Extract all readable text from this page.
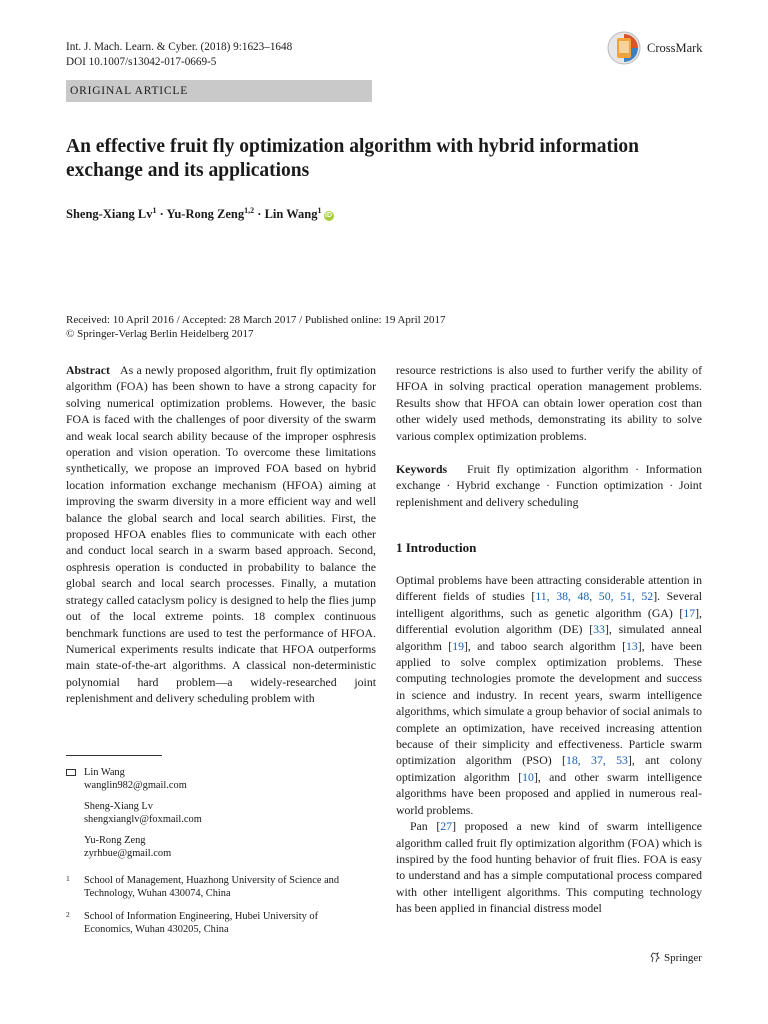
Int. J. Mach. Learn. & Cyber. (2018) 9:1623–1648
DOI 10.1007/s13042-017-0669-5
CrossMark
ORIGINAL ARTICLE
An effective fruit fly optimization algorithm with hybrid information exchange and its applications
Sheng-Xiang $Lv^1$ · Yu-Rong Zeng$^{1,2}$ · Lin Wang$^1$iD
Received: 10 April 2016 / Accepted: 28 March 2017 / Published online: 19 April 2017
© Springer-Verlag Berlin Heidelberg 2017

Abstract As a newly proposed algorithm, fruit fly optimization algorithm (FOA) has been shown to have a strong capacity for solving numerical optimization problems. However, the basic FOA is faced with the challenges of poor diversity of the swarm and weak local search ability because of the improper osphresis operation and vision operation. To overcome these limitations synthetically, we propose an improved FOA based on hybrid location information exchange mechanism (HFOA) aiming at improving the swarm diversity in a more efficient way and well balance the global search and local search abilities. First, the proposed HFOA enables flies to communicate with each other and conduct local search in a swarm based approach. Second, osphresis operation is conducted in probability to balance the global search and local search processes. Finally, a mutation strategy called cataclysm policy is designed to help the flies jump out of the local extreme points. 18 complex continuous benchmark functions are used to test the performance of HFOA. Numerical experiments results indicate that HFOA outperforms main state-of-the-art algorithms. A classical non-deterministic polynomial hard problem—a widely-researched joint replenishment and delivery scheduling problem with

resource restrictions is also used to further verify the ability of HFOA in solving practical operation management problems. Results show that HFOA can obtain lower operation cost than other widely used methods, demonstrating its ability to solve various complex optimization problems.

Keywords Fruit fly optimization algorithm · Information exchange · Hybrid exchange · Function optimization · Joint replenishment and delivery scheduling

1 Introduction

Optimal problems have been attracting considerable attention in different fields of studies [11, 38, 48, 50, 51, 52]. Several intelligent algorithms, such as genetic algorithm (GA) [17], differential evolution algorithm (DE) [33], simulated anneal algorithm [19], and taboo search algorithm [13], have been applied to solve complex optimization problems. These computing technologies promote the development and success in science and industry. In recent years, swarm intelligence algorithms, which simulate a group behavior of social animals to complete an optimization, have received increasing attention because of their simplicity and effectiveness. Particle swarm optimization algorithm (PSO) [18, 37, 53], ant colony optimization algorithm [10], and other swarm intelligence algorithms have been proposed and applied in numerous real-world problems.

Pan [27] proposed a new kind of swarm intelligence algorithm called fruit fly optimization algorithm (FOA) which is inspired by the food hunting behavior of fruit flies. FOA is easy to understand and has a simple computational process compared with other intelligent algorithms. This computing technology has been applied in financial distress model

Lin Wang
wanglin982@gmail.com
Sheng-Xiang Lv
shengxianglv@foxmail.com
Yu-Rong Zeng
zyrhbue@gmail.com
1 School of Management, Huazhong University of Science and Technology, Wuhan 430074, China
2 School of Information Engineering, Hubei University of Economics, Wuhan 430205, China
Springer
